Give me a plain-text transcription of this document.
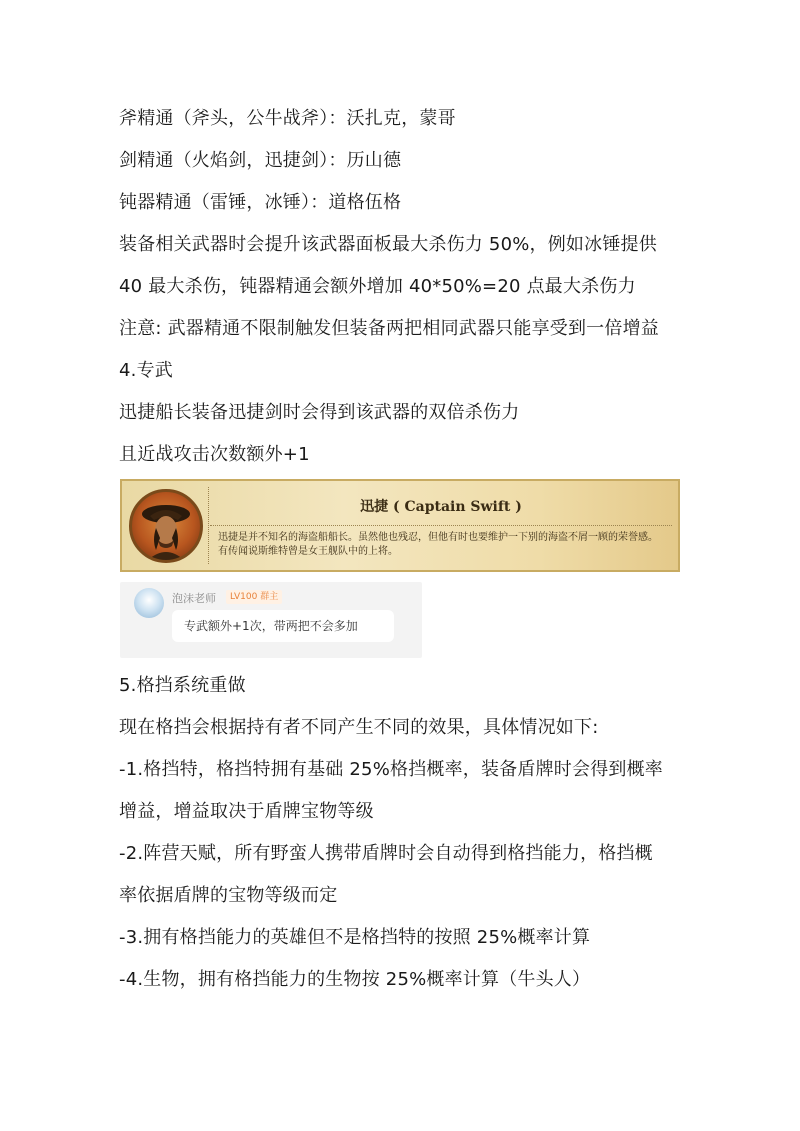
斧精通（斧头，公牛战斧）：沃扎克，蒙哥
剑精通（火焰剑，迅捷剑）：历山德
钝器精通（雷锤，冰锤）：道格伍格
装备相关武器时会提升该武器面板最大杀伤力 50%，例如冰锤提供
40 最大杀伤，钝器精通会额外增加 40*50%=20 点最大杀伤力
注意: 武器精通不限制触发但装备两把相同武器只能享受到一倍增益
4.专武
迅捷船长装备迅捷剑时会得到该武器的双倍杀伤力
且近战攻击次数额外+1
迅捷 ( Captain Swift )
迅捷是并不知名的海盗船船长。虽然他也残忍，但他有时也要维护一下别的海盗不屑一顾的荣誉感。有传闻说斯维特曾是女王舰队中的上将。
泡沫老师	LV100 群主
专武额外+1次，带两把不会多加
5.格挡系统重做
现在格挡会根据持有者不同产生不同的效果，具体情况如下:
-1.格挡特，格挡特拥有基础 25%格挡概率，装备盾牌时会得到概率
增益，增益取决于盾牌宝物等级
-2.阵营天赋，所有野蛮人携带盾牌时会自动得到格挡能力，格挡概
率依据盾牌的宝物等级而定
-3.拥有格挡能力的英雄但不是格挡特的按照 25%概率计算
-4.生物，拥有格挡能力的生物按 25%概率计算（牛头人）
